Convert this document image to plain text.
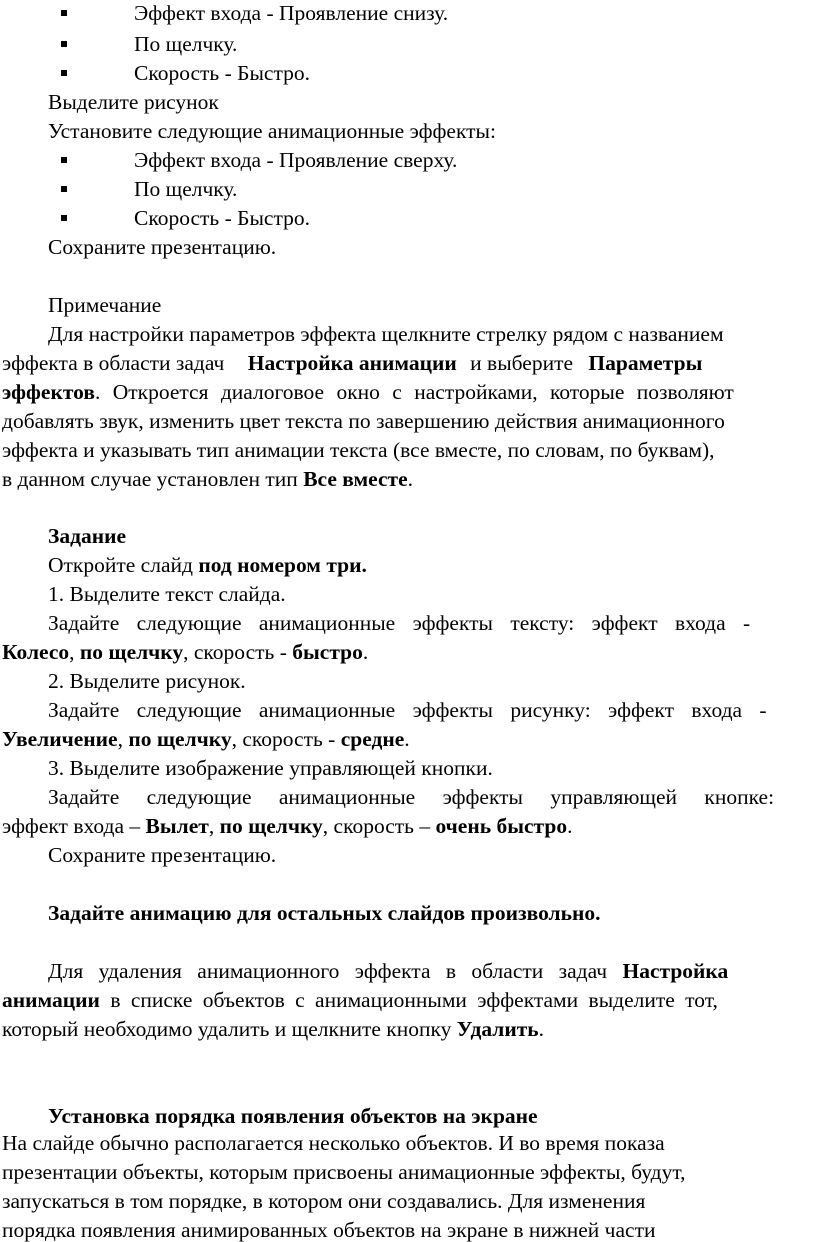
Эффект входа - Проявление снизу.
По щелчку.
Скорость - Быстро.
Выделите рисунок
Установите следующие анимационные эффекты:
Эффект входа - Проявление сверху.
По щелчку.
Скорость - Быстро.
Сохраните презентацию.
Примечание
Для настройки параметров эффекта щелкните стрелку рядом с названием
эффекта в области задач Настройка анимации и выберите Параметры
эффектов. Откроется диалоговое окно с настройками, которые позволяют
добавлять звук, изменить цвет текста по завершению действия анимационного
эффекта и указывать тип анимации текста (все вместе, по словам, по буквам),
в данном случае установлен тип Все вместе.
Задание
Откройте слайд под номером три.
1. Выделите текст слайда.
Задайте следующие анимационные эффекты тексту: эффект входа -
Колесо, по щелчку, скорость - быстро.
2. Выделите рисунок.
Задайте следующие анимационные эффекты рисунку: эффект входа -
Увеличение, по щелчку, скорость - средне.
3. Выделите изображение управляющей кнопки.
Задайте следующие анимационные эффекты управляющей кнопке:
эффект входа – Вылет, по щелчку, скорость – очень быстро.
Сохраните презентацию.
Задайте анимацию для остальных слайдов произвольно.
Для удаления анимационного эффекта в области задач Настройка
анимации в списке объектов с анимационными эффектами выделите тот,
который необходимо удалить и щелкните кнопку Удалить.
Установка порядка появления объектов на экране
На слайде обычно располагается несколько объектов. И во время показа
презентации объекты, которым присвоены анимационные эффекты, будут,
запускаться в том порядке, в котором они создавались. Для изменения
порядка появления анимированных объектов на экране в нижней части
